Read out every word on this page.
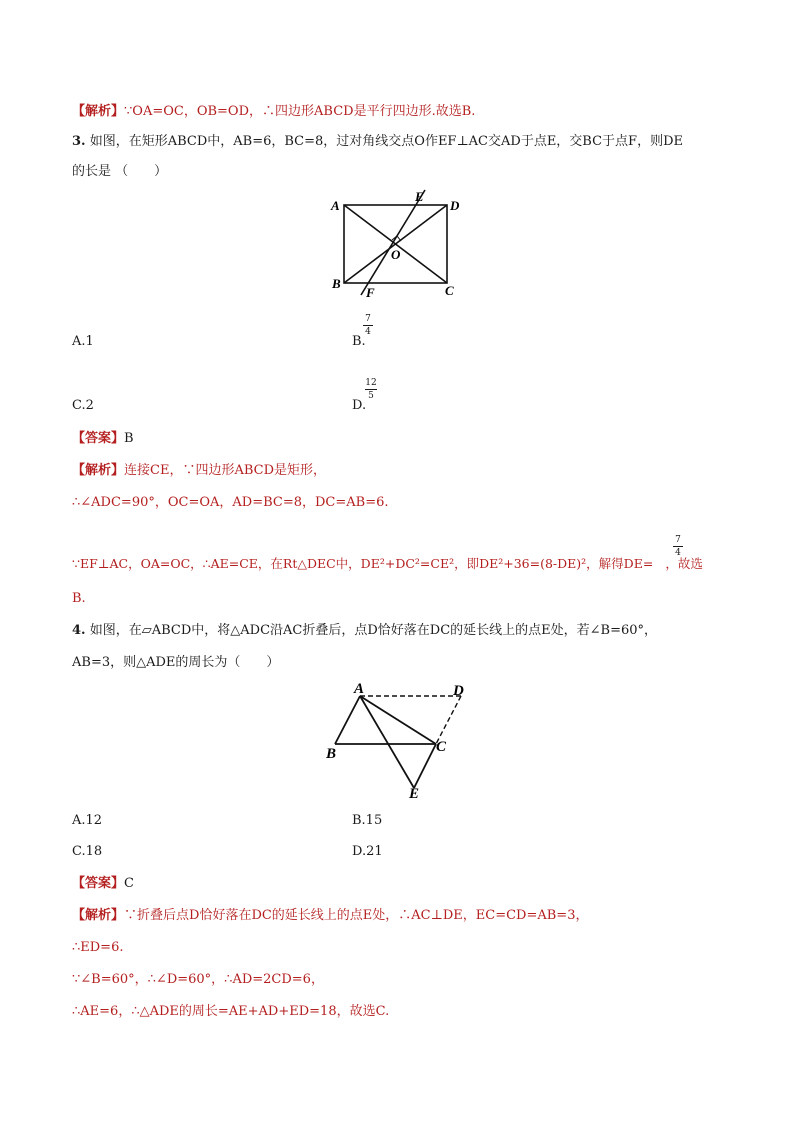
【解析】∵OA=OC，OB=OD，∴四边形ABCD是平行四边形.故选B.
3. 如图，在矩形ABCD中，AB=6，BC=8，过对角线交点O作EF⊥AC交AD于点E，交BC于点F，则DE
的长是 （　　）
A	D
E
O
B
F	C
A.1	B.
7
4
C.2	D.
12
5
【答案】B
【解析】连接CE，∵四边形ABCD是矩形，
∴∠ADC=90°，OC=OA，AD=BC=8，DC=AB=6.
∵EF⊥AC，OA=OC，∴AE=CE，在Rt△DEC中，DE²+DC²=CE²，即DE²+36=(8-DE)²，解得DE= ，故选
7
4
B.
4. 如图，在▱ABCD中，将△ADC沿AC折叠后，点D恰好落在DC的延长线上的点E处，若∠B=60°，
AB=3，则△ADE的周长为（　　）
A	D
B	C
E
A.12	B.15
C.18	D.21
【答案】C
【解析】∵折叠后点D恰好落在DC的延长线上的点E处，∴AC⊥DE，EC=CD=AB=3，
∴ED=6.
∵∠B=60°，∴∠D=60°，∴AD=2CD=6，
∴AE=6，∴△ADE的周长=AE+AD+ED=18，故选C.
